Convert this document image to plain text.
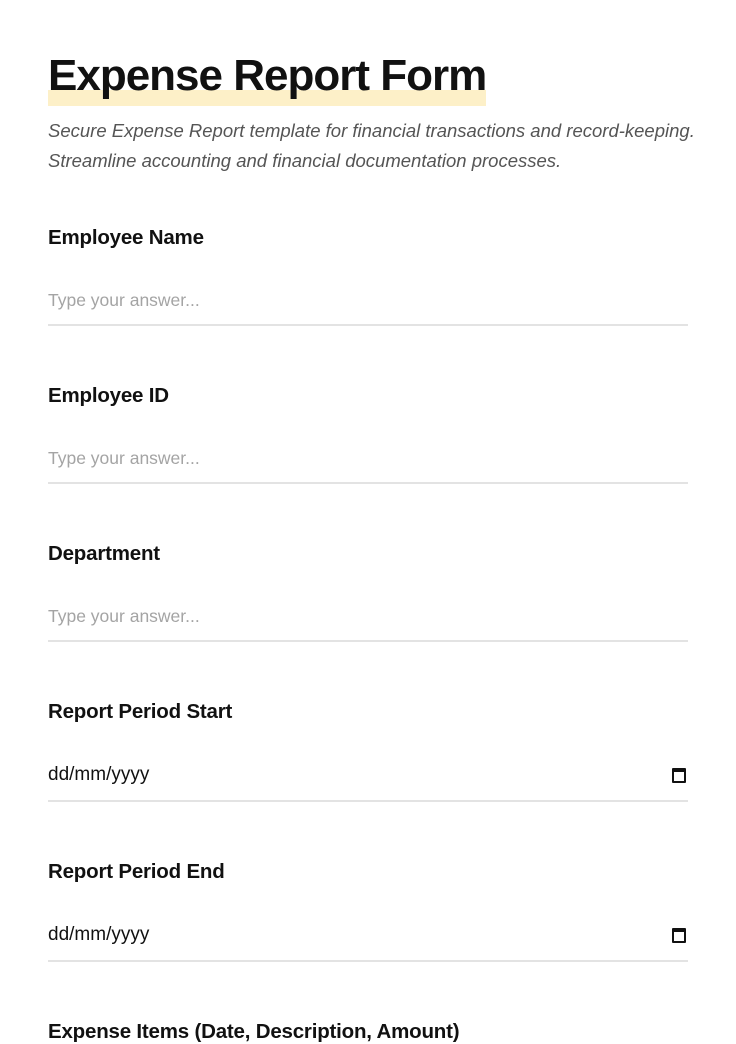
Expense Report Form

Secure Expense Report template for financial transactions and record-keeping. Streamline accounting and financial documentation processes.

Employee Name
Type your answer...
Employee ID
Type your answer...
Department
Type your answer...
Report Period Start
dd/mm/yyyy
Report Period End
dd/mm/yyyy
Expense Items (Date, Description, Amount)
